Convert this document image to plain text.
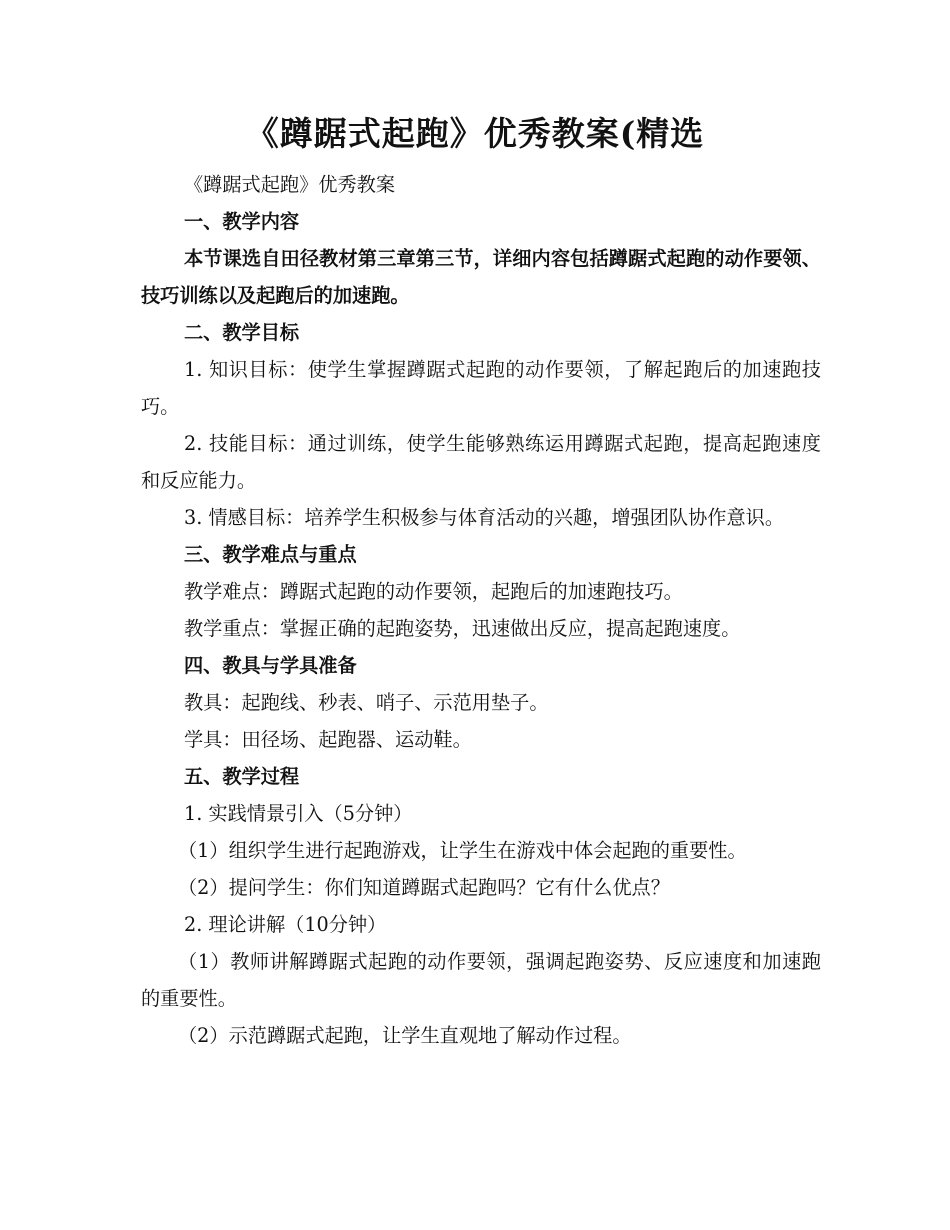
《蹲踞式起跑》优秀教案(精选

《蹲踞式起跑》优秀教案

一、教学内容

本节课选自田径教材第三章第三节，详细内容包括蹲踞式起跑的动作要领、技巧训练以及起跑后的加速跑。

二、教学目标

1. 知识目标：使学生掌握蹲踞式起跑的动作要领，了解起跑后的加速跑技巧。

2. 技能目标：通过训练，使学生能够熟练运用蹲踞式起跑，提高起跑速度和反应能力。

3. 情感目标：培养学生积极参与体育活动的兴趣，增强团队协作意识。

三、教学难点与重点

教学难点：蹲踞式起跑的动作要领，起跑后的加速跑技巧。

教学重点：掌握正确的起跑姿势，迅速做出反应，提高起跑速度。

四、教具与学具准备

教具：起跑线、秒表、哨子、示范用垫子。

学具：田径场、起跑器、运动鞋。

五、教学过程

1. 实践情景引入（5分钟）

（1）组织学生进行起跑游戏，让学生在游戏中体会起跑的重要性。

（2）提问学生：你们知道蹲踞式起跑吗？它有什么优点？

2. 理论讲解（10分钟）

（1）教师讲解蹲踞式起跑的动作要领，强调起跑姿势、反应速度和加速跑的重要性。

（2）示范蹲踞式起跑，让学生直观地了解动作过程。
